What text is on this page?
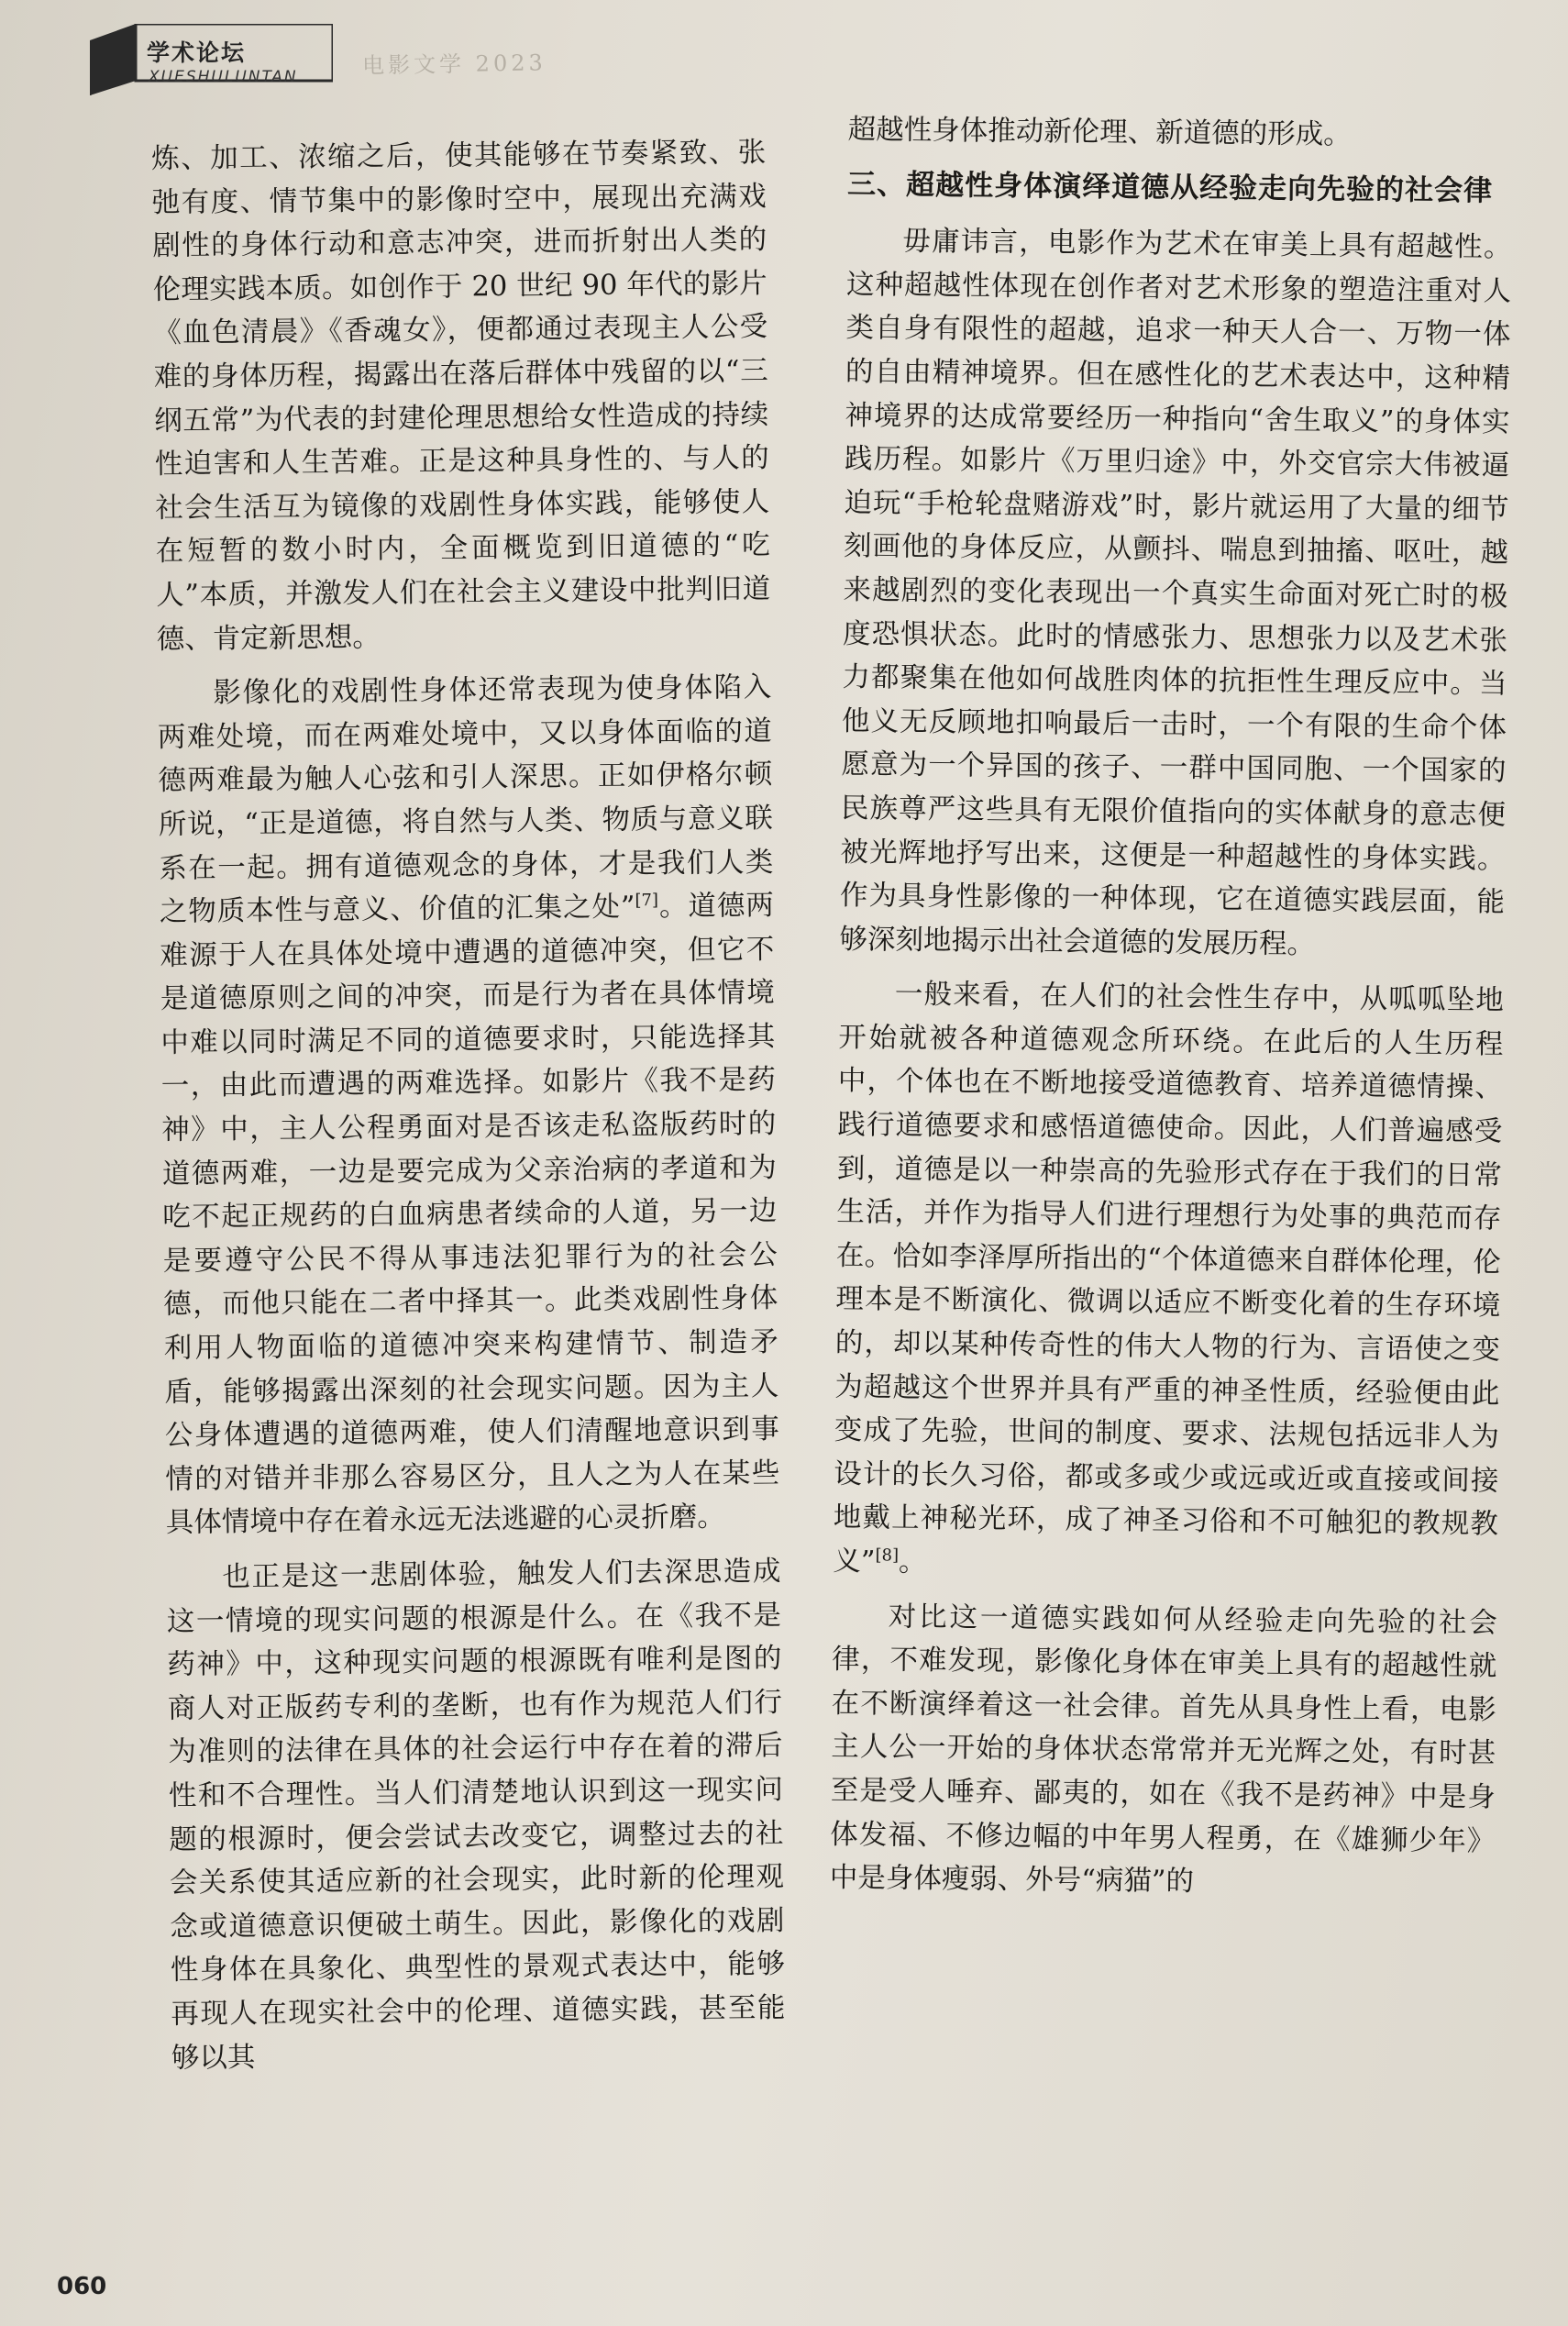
学术论坛
XUESHULUNTAN	电影文学 2023

炼、加工、浓缩之后，使其能够在节奏紧致、张弛有度、情节集中的影像时空中，展现出充满戏剧性的身体行动和意志冲突，进而折射出人类的伦理实践本质。如创作于 20 世纪 90 年代的影片《血色清晨》《香魂女》，便都通过表现主人公受难的身体历程，揭露出在落后群体中残留的以“三纲五常”为代表的封建伦理思想给女性造成的持续性迫害和人生苦难。正是这种具身性的、与人的社会生活互为镜像的戏剧性身体实践，能够使人在短暂的数小时内，全面概览到旧道德的“吃人”本质，并激发人们在社会主义建设中批判旧道德、肯定新思想。

影像化的戏剧性身体还常表现为使身体陷入两难处境，而在两难处境中，又以身体面临的道德两难最为触人心弦和引人深思。正如伊格尔顿所说，“正是道德，将自然与人类、物质与意义联系在一起。拥有道德观念的身体，才是我们人类之物质本性与意义、价值的汇集之处”[7]。道德两难源于人在具体处境中遭遇的道德冲突，但它不是道德原则之间的冲突，而是行为者在具体情境中难以同时满足不同的道德要求时，只能选择其一，由此而遭遇的两难选择。如影片《我不是药神》中，主人公程勇面对是否该走私盗版药时的道德两难，一边是要完成为父亲治病的孝道和为吃不起正规药的白血病患者续命的人道，另一边是要遵守公民不得从事违法犯罪行为的社会公德，而他只能在二者中择其一。此类戏剧性身体利用人物面临的道德冲突来构建情节、制造矛盾，能够揭露出深刻的社会现实问题。因为主人公身体遭遇的道德两难，使人们清醒地意识到事情的对错并非那么容易区分，且人之为人在某些具体情境中存在着永远无法逃避的心灵折磨。

也正是这一悲剧体验，触发人们去深思造成这一情境的现实问题的根源是什么。在《我不是药神》中，这种现实问题的根源既有唯利是图的商人对正版药专利的垄断，也有作为规范人们行为准则的法律在具体的社会运行中存在着的滞后性和不合理性。当人们清楚地认识到这一现实问题的根源时，便会尝试去改变它，调整过去的社会关系使其适应新的社会现实，此时新的伦理观念或道德意识便破土萌生。因此，影像化的戏剧性身体在具象化、典型性的景观式表达中，能够再现人在现实社会中的伦理、道德实践，甚至能够以其

超越性身体推动新伦理、新道德的形成。

三、超越性身体演绎道德从经验走向先验的社会律

毋庸讳言，电影作为艺术在审美上具有超越性。这种超越性体现在创作者对艺术形象的塑造注重对人类自身有限性的超越，追求一种天人合一、万物一体的自由精神境界。但在感性化的艺术表达中，这种精神境界的达成常要经历一种指向“舍生取义”的身体实践历程。如影片《万里归途》中，外交官宗大伟被逼迫玩“手枪轮盘赌游戏”时，影片就运用了大量的细节刻画他的身体反应，从颤抖、喘息到抽搐、呕吐，越来越剧烈的变化表现出一个真实生命面对死亡时的极度恐惧状态。此时的情感张力、思想张力以及艺术张力都聚集在他如何战胜肉体的抗拒性生理反应中。当他义无反顾地扣响最后一击时，一个有限的生命个体愿意为一个异国的孩子、一群中国同胞、一个国家的民族尊严这些具有无限价值指向的实体献身的意志便被光辉地抒写出来，这便是一种超越性的身体实践。作为具身性影像的一种体现，它在道德实践层面，能够深刻地揭示出社会道德的发展历程。

一般来看，在人们的社会性生存中，从呱呱坠地开始就被各种道德观念所环绕。在此后的人生历程中，个体也在不断地接受道德教育、培养道德情操、践行道德要求和感悟道德使命。因此，人们普遍感受到，道德是以一种崇高的先验形式存在于我们的日常生活，并作为指导人们进行理想行为处事的典范而存在。恰如李泽厚所指出的“个体道德来自群体伦理，伦理本是不断演化、微调以适应不断变化着的生存环境的，却以某种传奇性的伟大人物的行为、言语使之变为超越这个世界并具有严重的神圣性质，经验便由此变成了先验，世间的制度、要求、法规包括远非人为设计的长久习俗，都或多或少或远或近或直接或间接地戴上神秘光环，成了神圣习俗和不可触犯的教规教义”[8]。

对比这一道德实践如何从经验走向先验的社会律，不难发现，影像化身体在审美上具有的超越性就在不断演绎着这一社会律。首先从具身性上看，电影主人公一开始的身体状态常常并无光辉之处，有时甚至是受人唾弃、鄙夷的，如在《我不是药神》中是身体发福、不修边幅的中年男人程勇，在《雄狮少年》中是身体瘦弱、外号“病猫”的

060
